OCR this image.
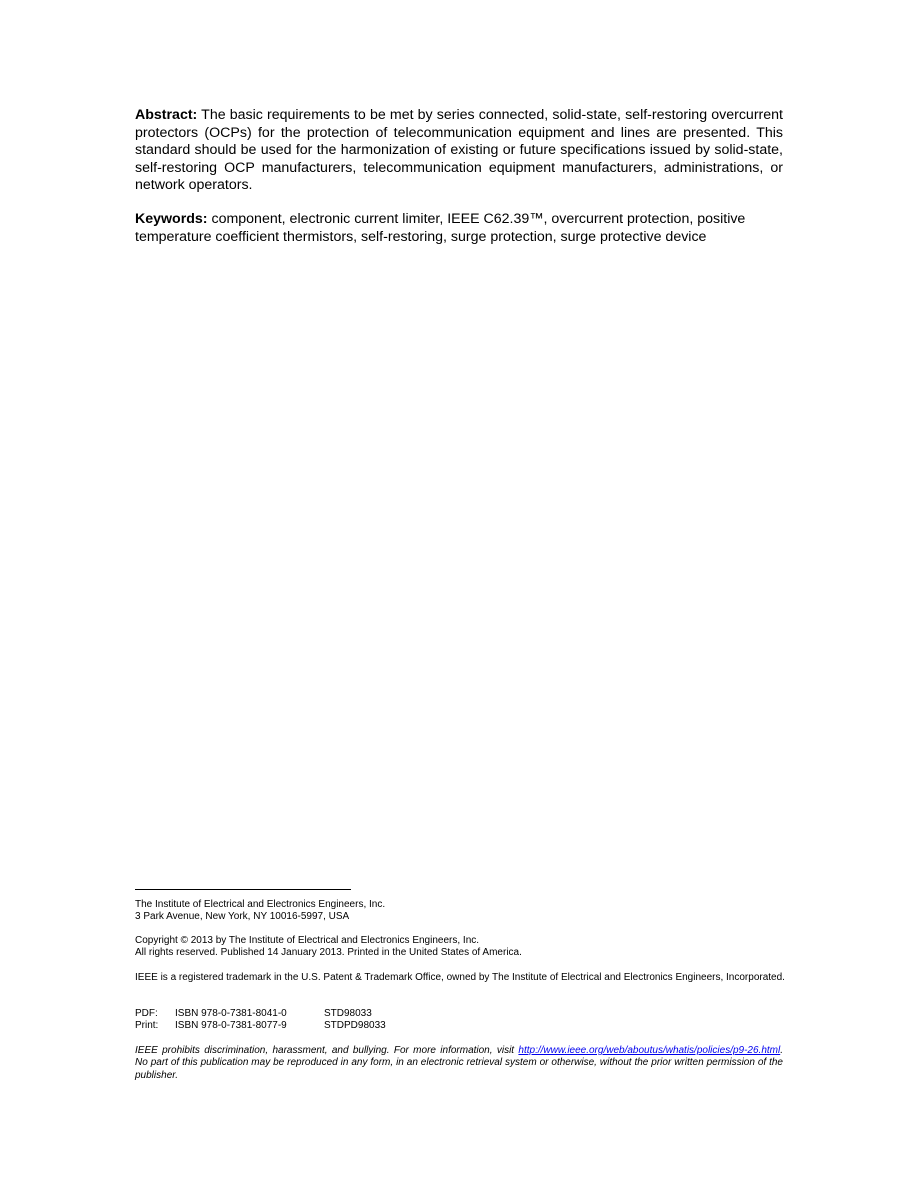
Abstract: The basic requirements to be met by series connected, solid-state, self-restoring overcurrent protectors (OCPs) for the protection of telecommunication equipment and lines are presented. This standard should be used for the harmonization of existing or future specifications issued by solid-state, self-restoring OCP manufacturers, telecommunication equipment manufacturers, administrations, or network operators.

Keywords: component, electronic current limiter, IEEE C62.39™, overcurrent protection, positive temperature coefficient thermistors, self-restoring, surge protection, surge protective device

The Institute of Electrical and Electronics Engineers, Inc.
3 Park Avenue, New York, NY 10016-5997, USA
Copyright © 2013 by The Institute of Electrical and Electronics Engineers, Inc.
All rights reserved. Published 14 January 2013. Printed in the United States of America.
IEEE is a registered trademark in the U.S. Patent & Trademark Office, owned by The Institute of Electrical and Electronics Engineers, Incorporated.
PDF:	ISBN 978-0-7381-8041-0	STD98033
Print:	ISBN 978-0-7381-8077-9	STDPD98033
IEEE prohibits discrimination, harassment, and bullying. For more information, visit http://www.ieee.org/web/aboutus/whatis/policies/p9-26.html. No part of this publication may be reproduced in any form, in an electronic retrieval system or otherwise, without the prior written permission of the publisher.
